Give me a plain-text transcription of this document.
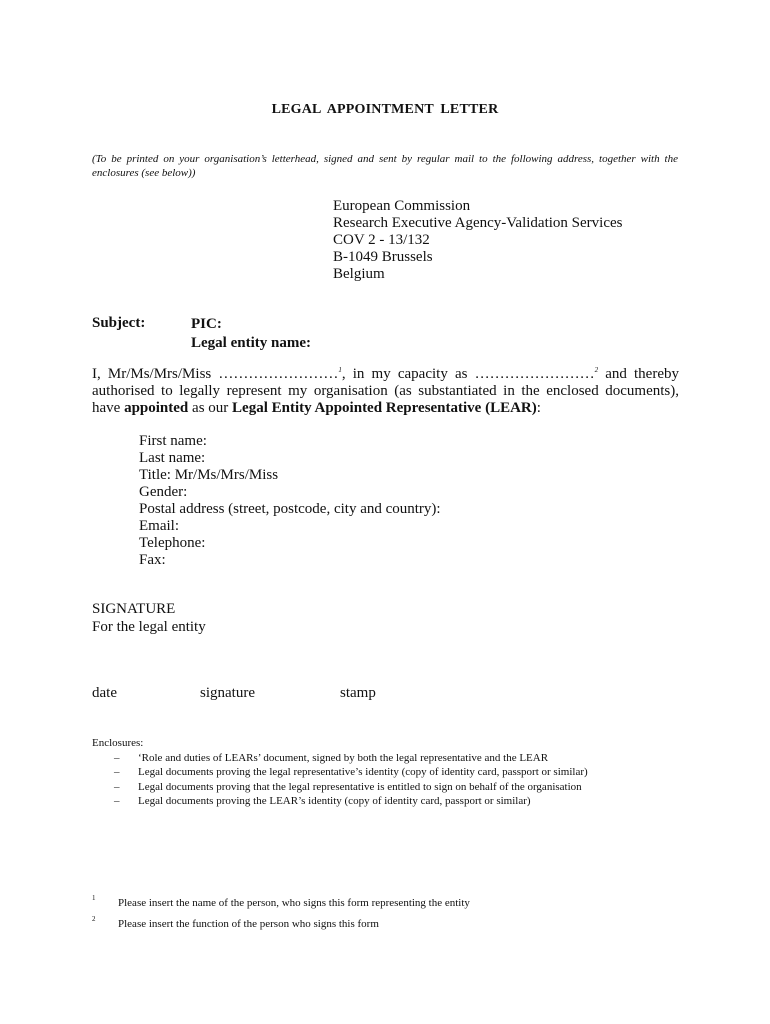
LEGAL APPOINTMENT LETTER
(To be printed on your organisation’s letterhead, signed and sent by regular mail to the following address, together with the enclosures (see below))
European Commission
Research Executive Agency-Validation Services
COV 2 - 13/132
B-1049 Brussels
Belgium
Subject:	PIC:
Legal entity name:
I, Mr/Ms/Mrs/Miss ……………………$^1$, in my capacity as ……………………$^2$ and thereby authorised to legally represent my organisation (as substantiated in the enclosed documents), have appointed as our Legal Entity Appointed Representative (LEAR):
First name:
Last name:
Title: Mr/Ms/Mrs/Miss
Gender:
Postal address (street, postcode, city and country):
Email:
Telephone:
Fax:
SIGNATURE
For the legal entity
date	signature	stamp
Enclosures:
– ‘Role and duties of LEARs’ document, signed by both the legal representative and the LEAR
– Legal documents proving the legal representative’s identity (copy of identity card, passport or similar)
– Legal documents proving that the legal representative is entitled to sign on behalf of the organisation
– Legal documents proving the LEAR’s identity (copy of identity card, passport or similar)
1 Please insert the name of the person, who signs this form representing the entity
2 Please insert the function of the person who signs this form
